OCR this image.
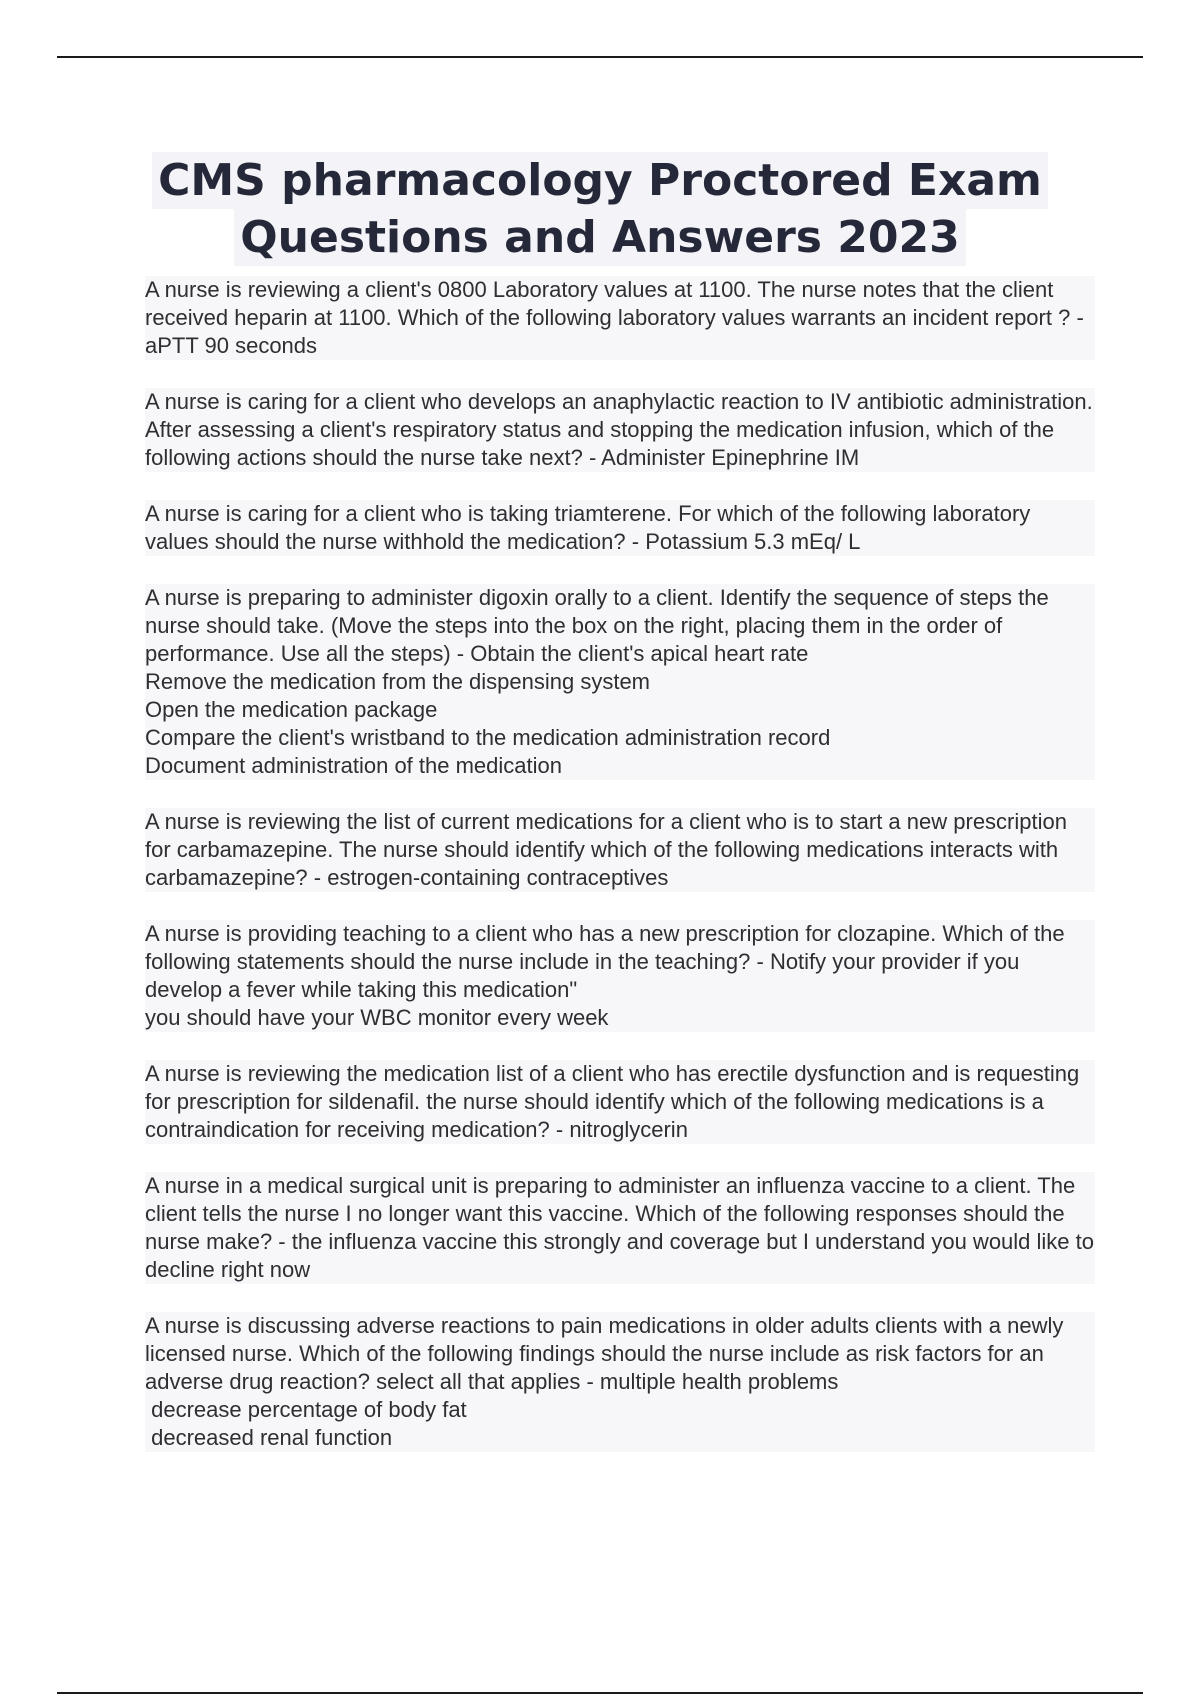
CMS pharmacology Proctored Exam
Questions and Answers 2023

A nurse is reviewing a client's 0800 Laboratory values at 1100. The nurse notes that the client received heparin at 1100. Which of the following laboratory values warrants an incident report ? - aPTT 90 seconds

A nurse is caring for a client who develops an anaphylactic reaction to IV antibiotic administration. After assessing a client's respiratory status and stopping the medication infusion, which of the following actions should the nurse take next? - Administer Epinephrine IM

A nurse is caring for a client who is taking triamterene. For which of the following laboratory values should the nurse withhold the medication? - Potassium 5.3 mEq/ L

A nurse is preparing to administer digoxin orally to a client. Identify the sequence of steps the nurse should take. (Move the steps into the box on the right, placing them in the order of performance. Use all the steps) - Obtain the client's apical heart rate

Remove the medication from the dispensing system
Open the medication package
Compare the client's wristband to the medication administration record
Document administration of the medication

A nurse is reviewing the list of current medications for a client who is to start a new prescription for carbamazepine. The nurse should identify which of the following medications interacts with carbamazepine? - estrogen-containing contraceptives

A nurse is providing teaching to a client who has a new prescription for clozapine. Which of the following statements should the nurse include in the teaching? - Notify your provider if you develop a fever while taking this medication"

you should have your WBC monitor every week

A nurse is reviewing the medication list of a client who has erectile dysfunction and is requesting for prescription for sildenafil. the nurse should identify which of the following medications is a contraindication for receiving medication? - nitroglycerin

A nurse in a medical surgical unit is preparing to administer an influenza vaccine to a client. The client tells the nurse I no longer want this vaccine. Which of the following responses should the nurse make? - the influenza vaccine this strongly and coverage but I understand you would like to decline right now

A nurse is discussing adverse reactions to pain medications in older adults clients with a newly licensed nurse. Which of the following findings should the nurse include as risk factors for an adverse drug reaction? select all that applies - multiple health problems

decrease percentage of body fat
decreased renal function
